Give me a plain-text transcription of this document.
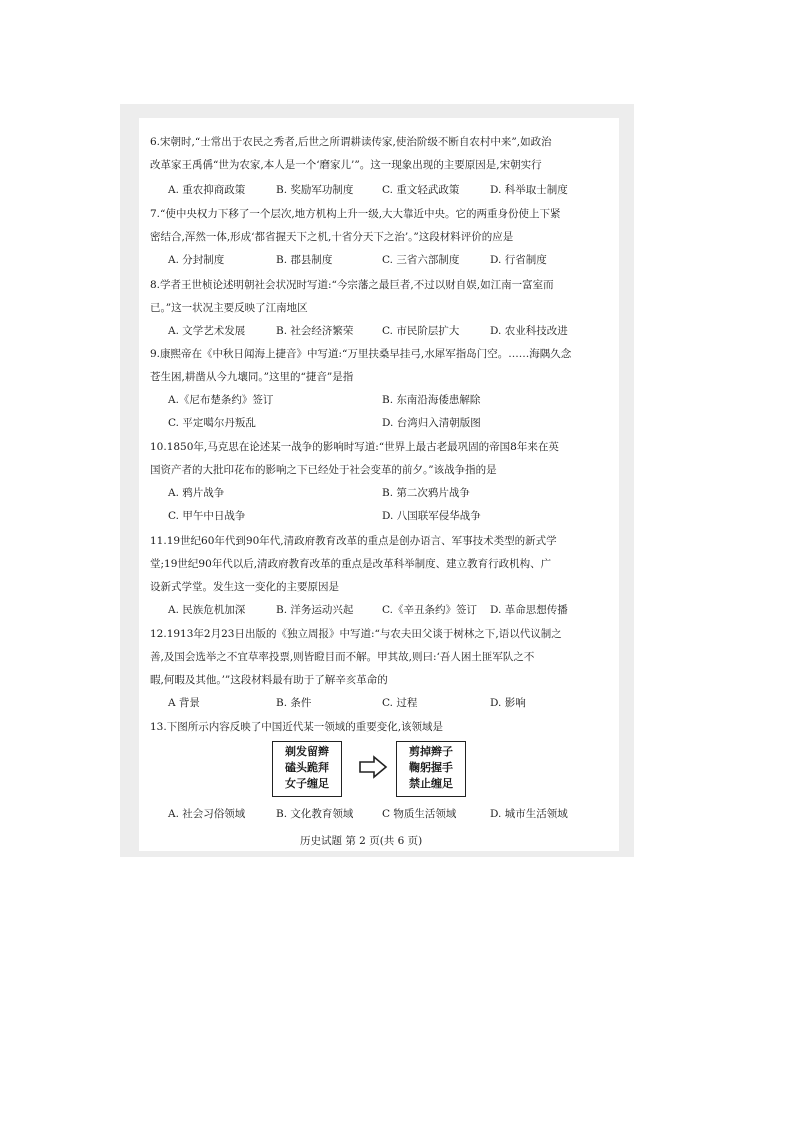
6.宋朝时,“士常出于农民之秀者,后世之所谓耕读传家,使治阶级不断自农村中来”,如政治
改革家王禹偁“世为农家,本人是一个‘磨家儿’”。这一现象出现的主要原因是,宋朝实行
A. 重农抑商政策	B. 奖励军功制度	C. 重文轻武政策	D. 科举取士制度
7.“使中央权力下移了一个层次,地方机构上升一级,大大靠近中央。它的两重身份使上下紧
密结合,浑然一体,形成‘都省握天下之机,十省分天下之治’。”这段材料评价的应是
A. 分封制度	B. 郡县制度	C. 三省六部制度	D. 行省制度
8.学者王世桢论述明朝社会状况时写道:“今宗藩之最巨者,不过以财自娱,如江南一富室而
已。”这一状况主要反映了江南地区
A. 文学艺术发展	B. 社会经济繁荣	C. 市民阶层扩大	D. 农业科技改进
9.康熙帝在《中秋日闻海上捷音》中写道:“万里扶桑早挂弓,水犀军指岛门空。……海隅久念
苍生困,耕凿从今九壤同。”这里的“捷音”是指
A.《尼布楚条约》签订	B. 东南沿海倭患解除
C. 平定噶尔丹叛乱	D. 台湾归入清朝版图
10.1850年,马克思在论述某一战争的影响时写道:“世界上最古老最巩固的帝国8年来在英
国资产者的大批印花布的影响之下已经处于社会变革的前夕。”该战争指的是
A. 鸦片战争	B. 第二次鸦片战争
C. 甲午中日战争	D. 八国联军侵华战争
11.19世纪60年代到90年代,清政府教育改革的重点是创办语言、军事技术类型的新式学
堂;19世纪90年代以后,清政府教育改革的重点是改革科举制度、建立教育行政机构、广
设新式学堂。发生这一变化的主要原因是
A. 民族危机加深	B. 洋务运动兴起	C.《辛丑条约》签订 D. 革命思想传播
12.1913年2月23日出版的《独立周报》中写道:“与农夫田父谈于树林之下,语以代议制之
善,及国会选举之不宜草率投票,则皆瞪目而不解。甲其故,则曰:‘吾人困土匪军队之不
暇,何暇及其他。’”这段材料最有助于了解辛亥革命的
A 背景	B. 条件	C. 过程	D. 影响
13.下图所示内容反映了中国近代某一领域的重要变化,该领域是
剃发留辫
磕头跪拜
女子缠足
剪掉辫子
鞠躬握手
禁止缠足
A. 社会习俗领域	B. 文化教育领域	C 物质生活领域	D. 城市生活领域
历史试题 第 2 页(共 6 页)
